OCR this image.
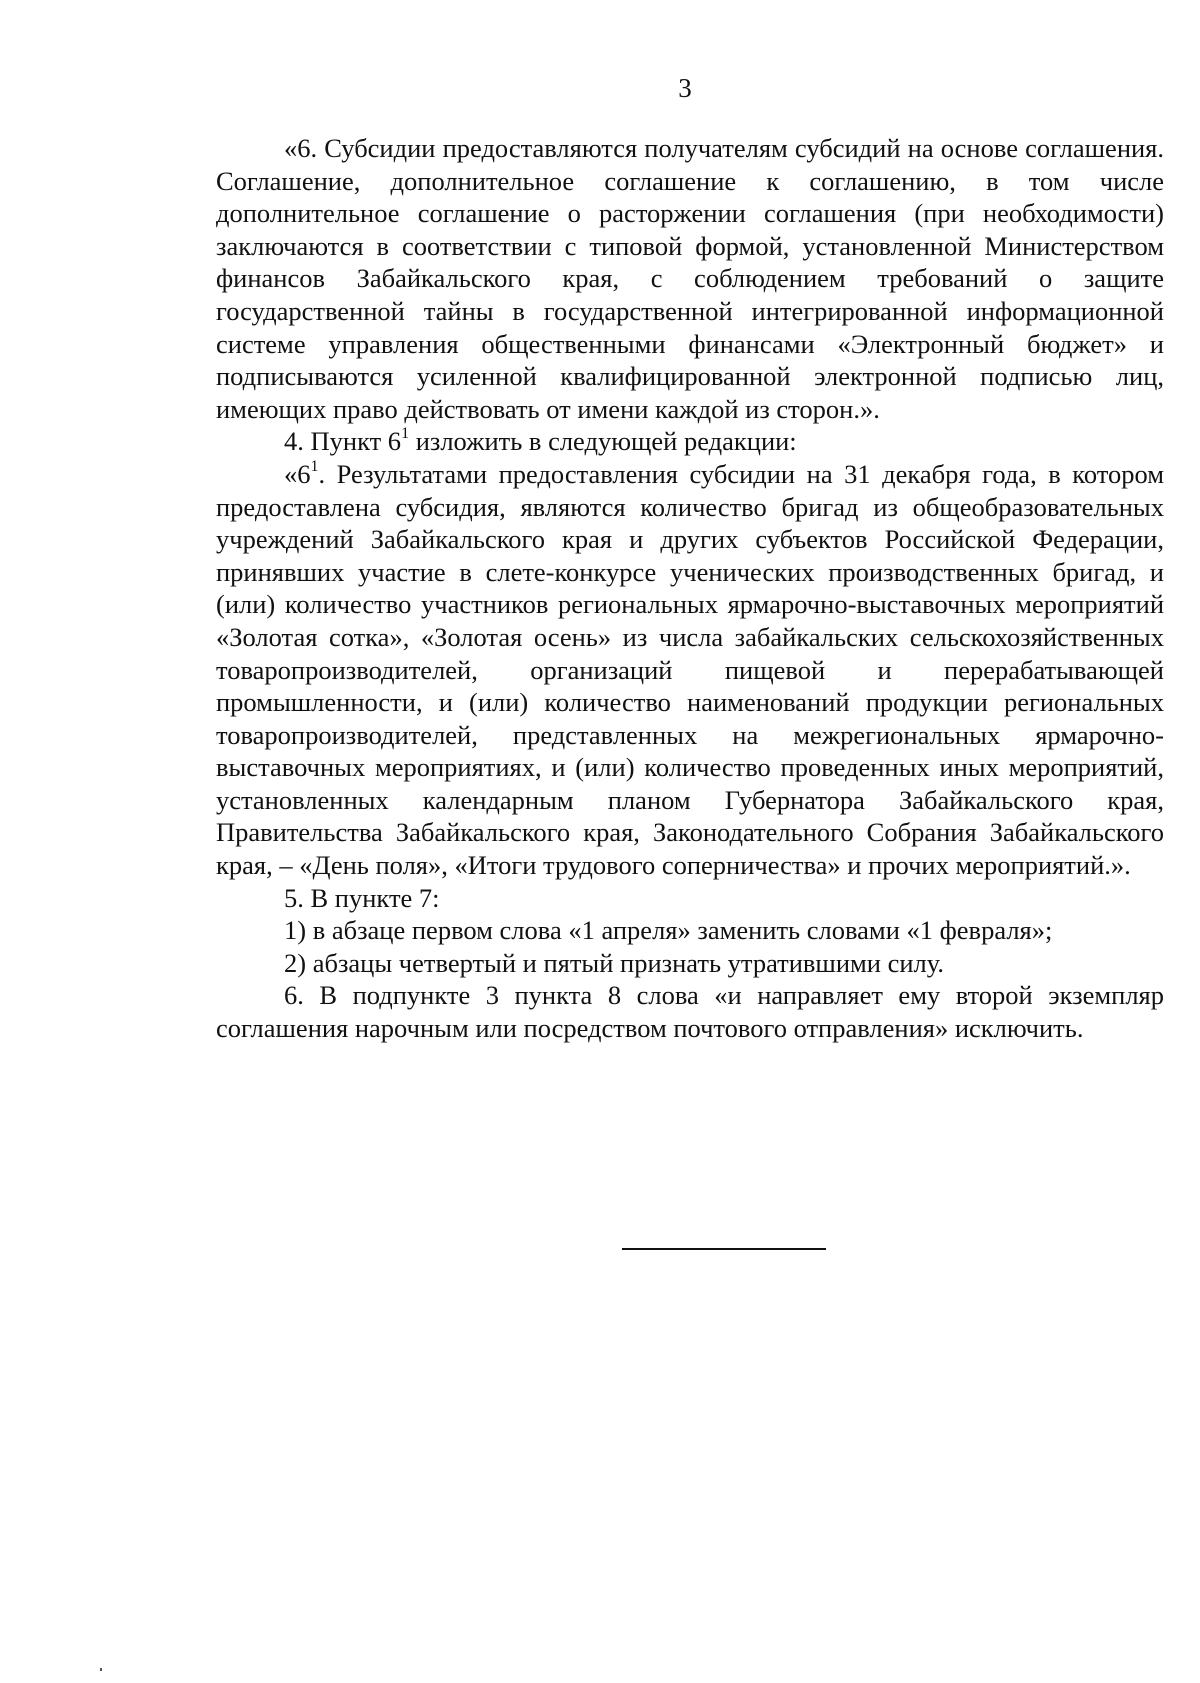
3

«6. Субсидии предоставляются получателям субсидий на основе соглашения. Соглашение, дополнительное соглашение к соглашению, в том числе дополнительное соглашение о расторжении соглашения (при необходимости) заключаются в соответствии с типовой формой, установленной Министерством финансов Забайкальского края, с соблюдением требований о защите государственной тайны в государственной интегрированной информационной системе управления общественными финансами «Электронный бюджет» и подписываются усиленной квалифицированной электронной подписью лиц, имеющих право действовать от имени каждой из сторон.».

4. Пункт $6^1$ изложить в следующей редакции:

«$6^1$. Результатами предоставления субсидии на 31 декабря года, в котором предоставлена субсидия, являются количество бригад из общеобразовательных учреждений Забайкальского края и других субъектов Российской Федерации, принявших участие в слете-конкурсе ученических производственных бригад, и (или) количество участников региональных ярмарочно-выставочных мероприятий «Золотая сотка», «Золотая осень» из числа забайкальских сельскохозяйственных товаропроизводителей, организаций пищевой и перерабатывающей промышленности, и (или) количество наименований продукции региональных товаропроизводителей, представленных на межрегиональных ярмарочно-выставочных мероприятиях, и (или) количество проведенных иных мероприятий, установленных календарным планом Губернатора Забайкальского края, Правительства Забайкальского края, Законодательного Собрания Забайкальского края, – «День поля», «Итоги трудового соперничества» и прочих мероприятий.».

5. В пункте 7:

1) в абзаце первом слова «1 апреля» заменить словами «1 февраля»;

2) абзацы четвертый и пятый признать утратившими силу.

6. В подпункте 3 пункта 8 слова «и направляет ему второй экземпляр соглашения нарочным или посредством почтового отправления» исключить.
